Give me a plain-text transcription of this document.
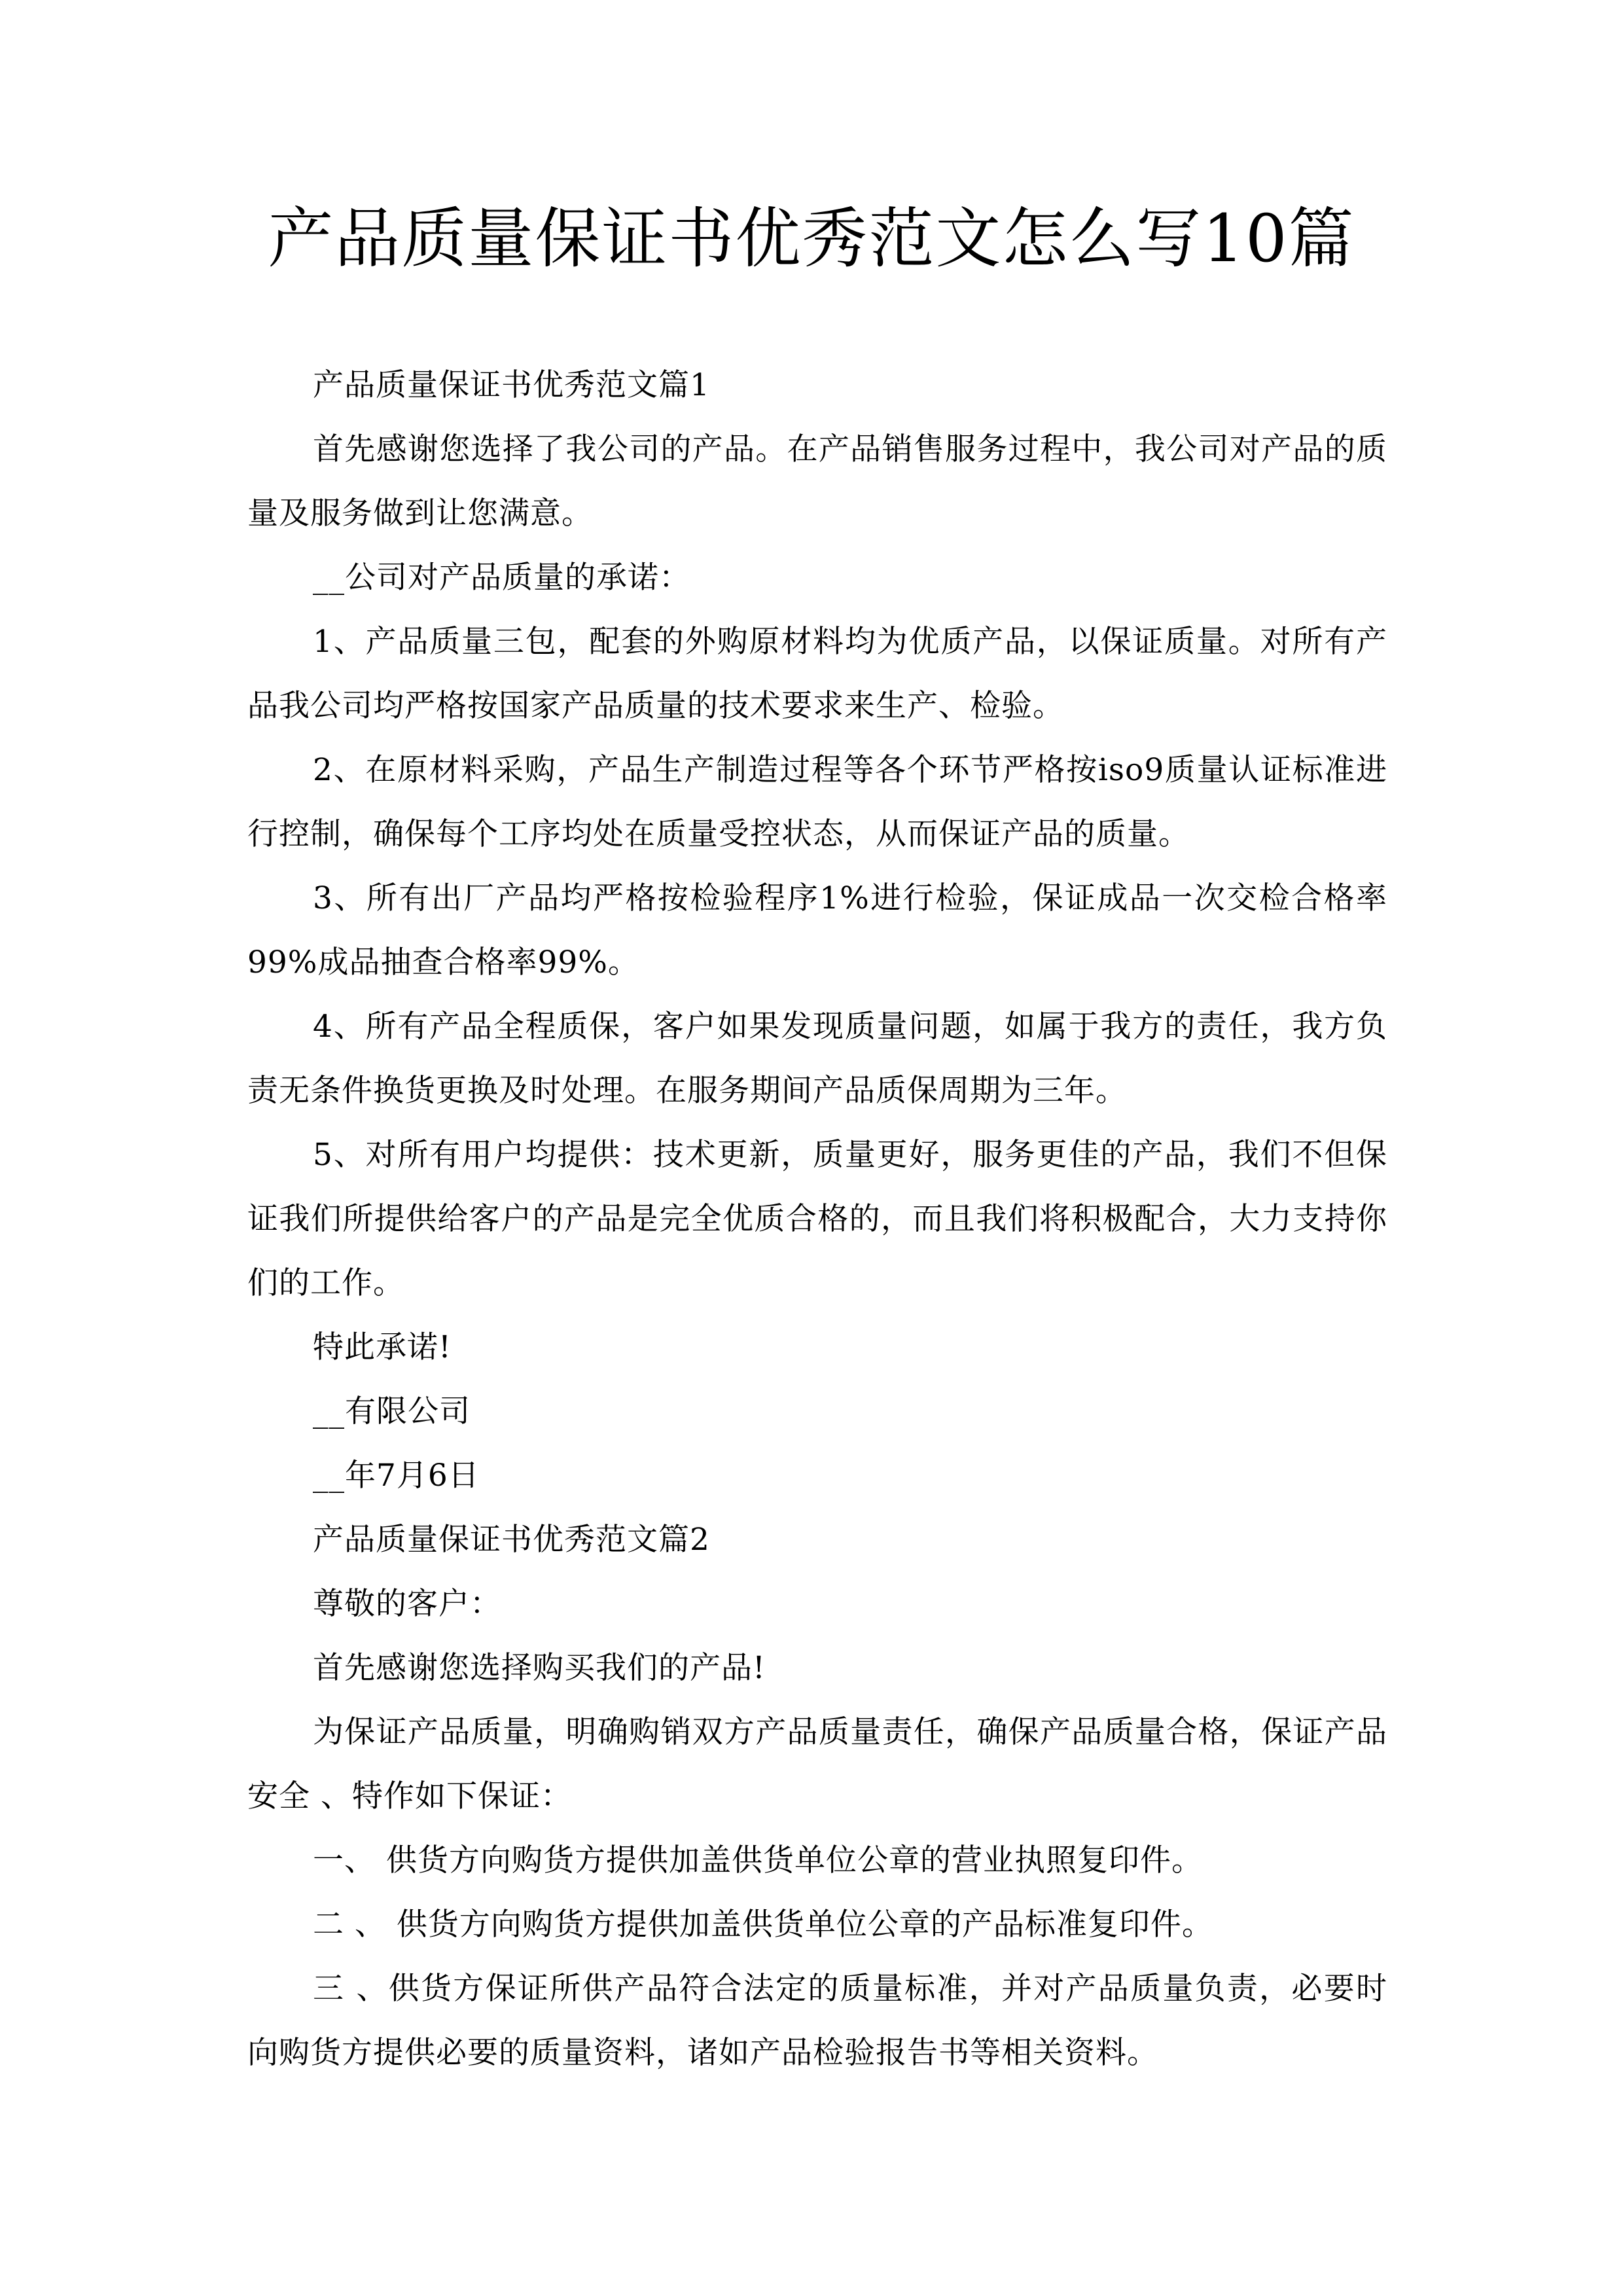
产品质量保证书优秀范文怎么写10篇

产品质量保证书优秀范文篇1

首先感谢您选择了我公司的产品。在产品销售服务过程中，我公司对产品的质量及服务做到让您满意。

__公司对产品质量的承诺：

1、产品质量三包，配套的外购原材料均为优质产品，以保证质量。对所有产品我公司均严格按国家产品质量的技术要求来生产、检验。

2、在原材料采购，产品生产制造过程等各个环节严格按iso9质量认证标准进行控制，确保每个工序均处在质量受控状态，从而保证产品的质量。

3、所有出厂产品均严格按检验程序1%进行检验，保证成品一次交检合格率99%成品抽查合格率99%。

4、所有产品全程质保，客户如果发现质量问题，如属于我方的责任，我方负责无条件换货更换及时处理。在服务期间产品质保周期为三年。

5、对所有用户均提供：技术更新，质量更好，服务更佳的产品，我们不但保证我们所提供给客户的产品是完全优质合格的，而且我们将积极配合，大力支持你们的工作。

特此承诺!

__有限公司

__年7月6日

产品质量保证书优秀范文篇2

尊敬的客户：

首先感谢您选择购买我们的产品!

为保证产品质量，明确购销双方产品质量责任，确保产品质量合格，保证产品安全 、特作如下保证：

一、 供货方向购货方提供加盖供货单位公章的营业执照复印件。

二 、 供货方向购货方提供加盖供货单位公章的产品标准复印件。

三 、供货方保证所供产品符合法定的质量标准，并对产品质量负责，必要时向购货方提供必要的质量资料，诸如产品检验报告书等相关资料。
